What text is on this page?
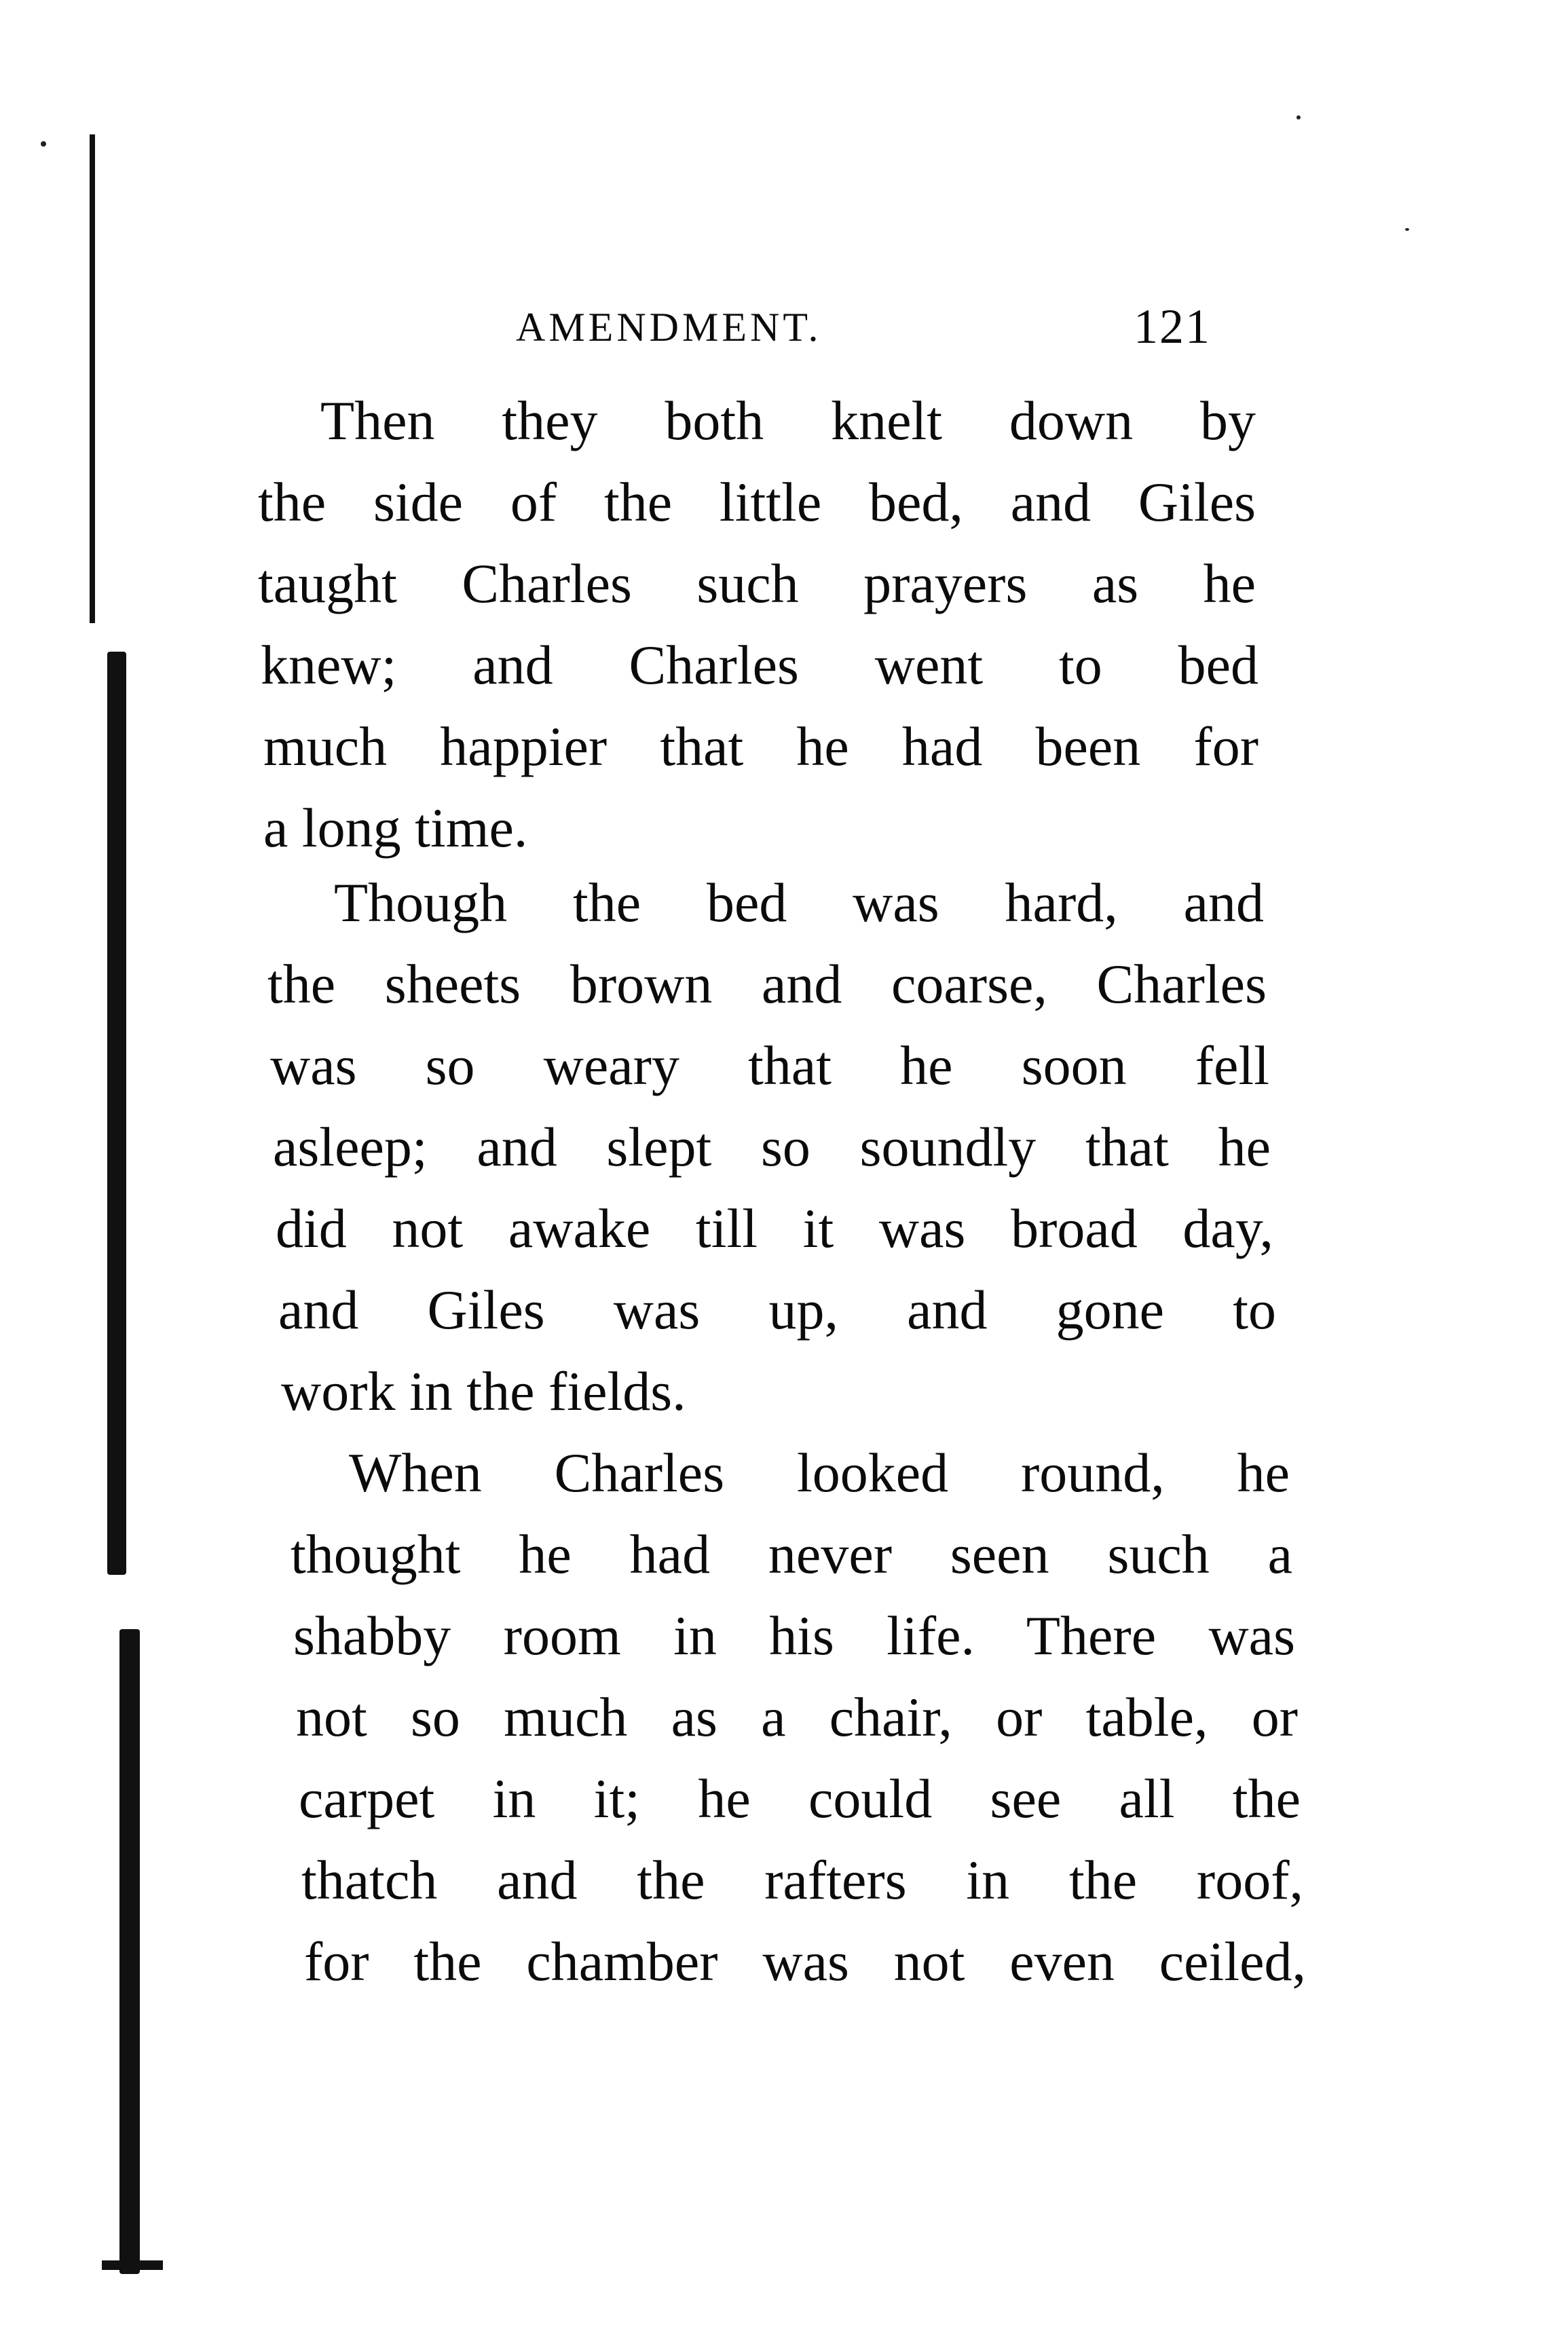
AMENDMENT.	121
Then they both knelt down by
the side of the little bed, and Giles
taught Charles such prayers as he
knew; and Charles went to bed
much happier that he had been for
a long time.
Though the bed was hard, and
the sheets brown and coarse, Charles
was so weary that he soon fell
asleep; and slept so soundly that he
did not awake till it was broad day,
and Giles was up, and gone to
work in the fields.
When Charles looked round, he
thought he had never seen such a
shabby room in his life. There was
not so much as a chair, or table, or
carpet in it; he could see all the
thatch and the rafters in the roof,
for the chamber was not even ceiled,
